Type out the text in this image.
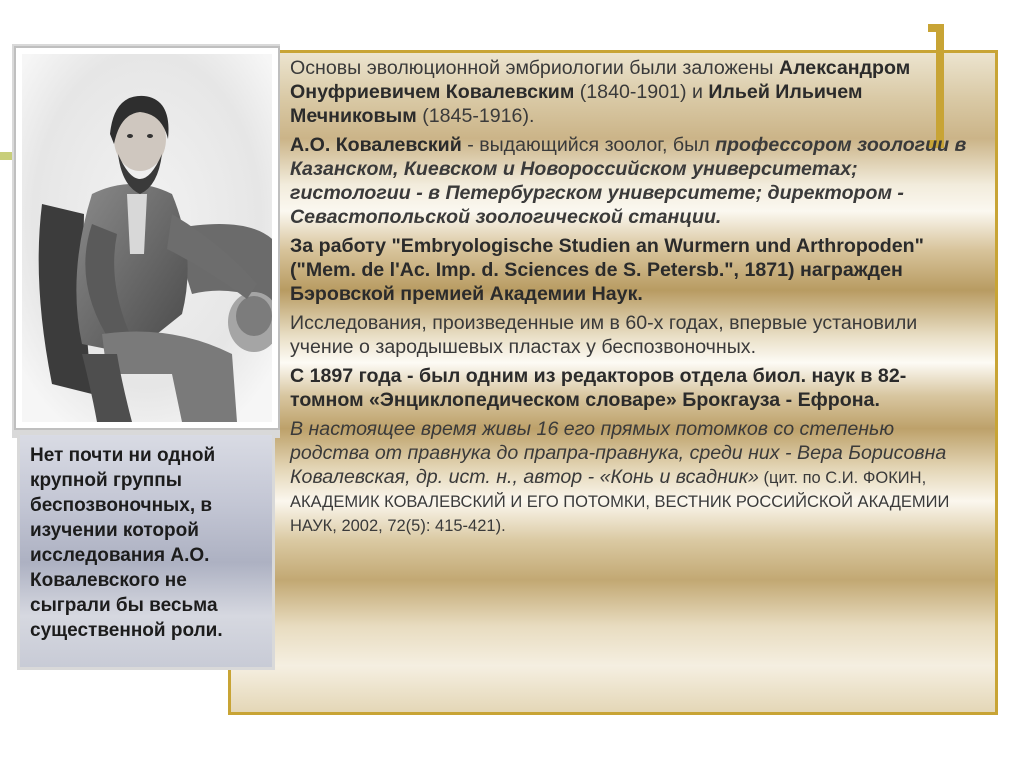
Основы эволюционной эмбриологии были заложены Александром Онуфриевичем Ковалевским (1840-1901) и Ильей Ильичем Мечниковым (1845-1916).

А.О. Ковалевский - выдающийся зоолог, был профессором зоологии в Казанском, Киевском и Новороссийском университетах; гистологии - в Петербургском университете; директором - Севастопольской зоологической станции.

За работу "Embryologische Studien an Wurmern und Arthropoden" ("Mem. de l'Ac. Imp. d. Sciences de S. Petersb.", 1871) награжден Бэровской премией Академии Наук.

Исследования, произведенные им в 60-х годах, впервые установили учение о зародышевых пластах у беспозвоночных.

С 1897 года - был одним из редакторов отдела биол. наук в 82-томном «Энциклопедическом словаре» Брокгауза - Ефрона.

В настоящее время живы 16 его прямых потомков со степенью родства от правнука до прапра-правнука, среди них - Вера Борисовна Ковалевская, др. ист. н., автор - «Конь и всадник» (цит. по С.И. ФОКИН, АКАДЕМИК КОВАЛЕВСКИЙ И ЕГО ПОТОМКИ, ВЕСТНИК РОССИЙСКОЙ АКАДЕМИИ НАУК, 2002, 72(5): 415-421).

Нет почти ни одной крупной группы беспозвоночных, в изучении которой исследования А.О. Ковалевского не сыграли бы весьма существенной роли.
